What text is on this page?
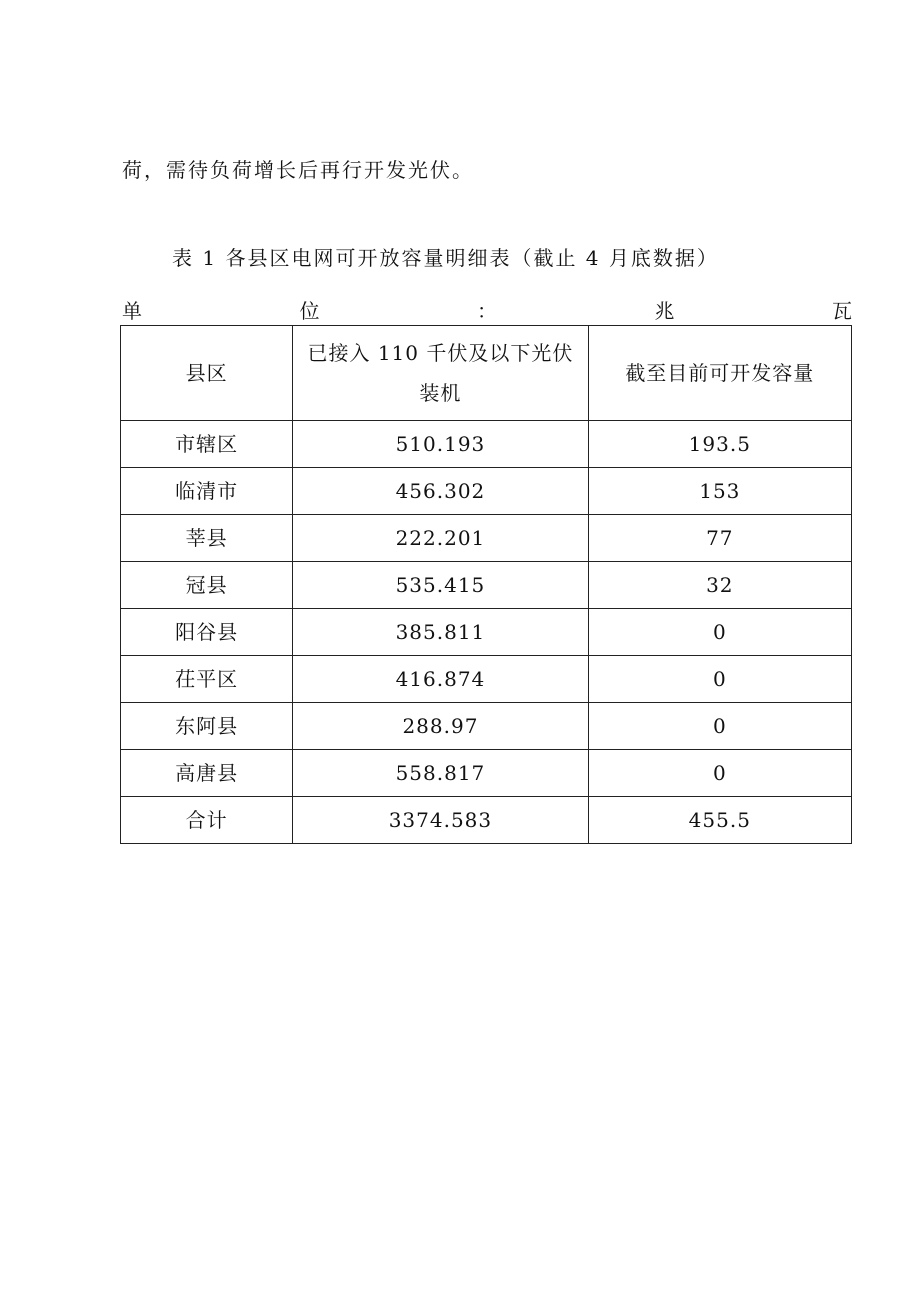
荷，需待负荷增长后再行开发光伏。
表 1 各县区电网可开放容量明细表（截止 4 月底数据）
单	位	：	兆	瓦
县区	已接入 110 千伏及以下光伏装机	截至目前可开发容量
市辖区	510.193	193.5
临清市	456.302	153
莘县	222.201	77
冠县	535.415	32
阳谷县	385.811	0
茌平区	416.874	0
东阿县	288.97	0
高唐县	558.817	0
合计	3374.583	455.5
